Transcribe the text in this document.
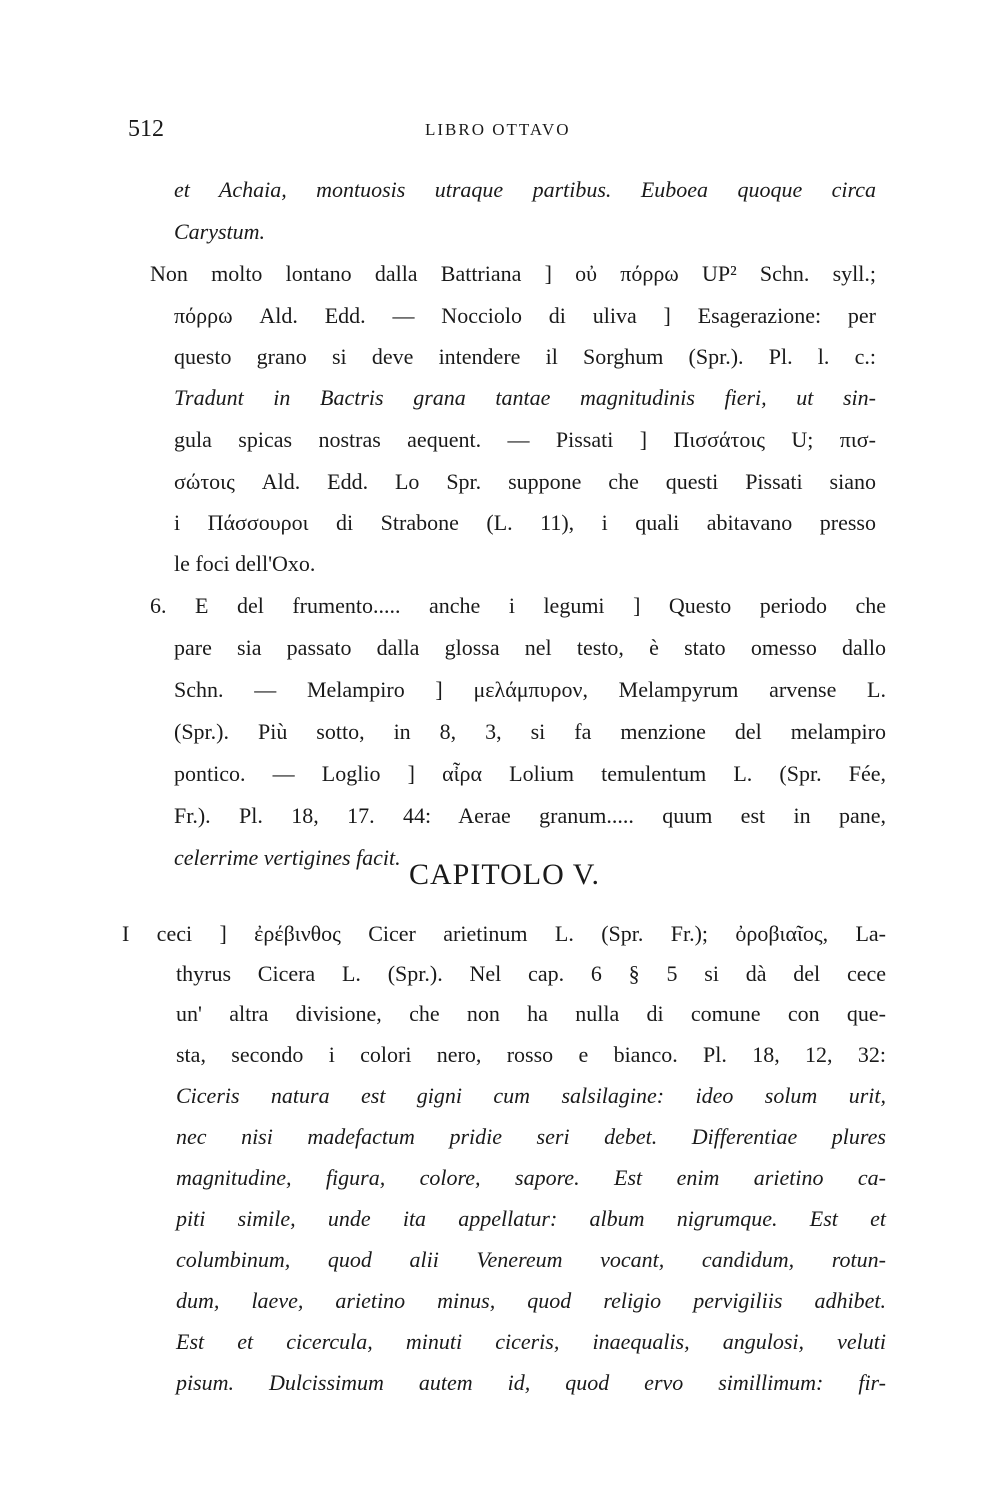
512	LIBRO OTTAVO
et Achaia, montuosis utraque partibus. Euboea quoque circa
Carystum.
Non molto lontano dalla Battriana ] οὐ πόρρω UP² Schn. syll.;
πόρρω Ald. Edd. — Nocciolo di uliva ] Esagerazione: per
questo grano si deve intendere il Sorghum (Spr.). Pl. l. c.:
Tradunt in Bactris grana tantae magnitudinis fieri, ut sin-
gula spicas nostras aequent. — Pissati ] Πισσάτοις U; πισ-
σώτοις Ald. Edd. Lo Spr. suppone che questi Pissati siano
i Πάσσουροι di Strabone (L. 11), i quali abitavano presso
le foci dell'Oxo.
6. E del frumento..... anche i legumi ] Questo periodo che
pare sia passato dalla glossa nel testo, è stato omesso dallo
Schn. — Melampiro ] μελάμπυρον, Melampyrum arvense L.
(Spr.). Più sotto, in 8, 3, si fa menzione del melampiro
pontico. — Loglio ] αἶρα Lolium temulentum L. (Spr. Fée,
Fr.). Pl. 18, 17. 44: Aerae granum..... quum est in pane,
celerrime vertigines facit.
CAPITOLO V.
I ceci ] ἐρέβινθος Cicer arietinum L. (Spr. Fr.); ὀροβιαῖος, La-
thyrus Cicera L. (Spr.). Nel cap. 6 § 5 si dà del cece
un' altra divisione, che non ha nulla di comune con que-
sta, secondo i colori nero, rosso e bianco. Pl. 18, 12, 32:
Ciceris natura est gigni cum salsilagine: ideo solum urit,
nec nisi madefactum pridie seri debet. Differentiae plures
magnitudine, figura, colore, sapore. Est enim arietino ca-
piti simile, unde ita appellatur: album nigrumque. Est et
columbinum, quod alii Venereum vocant, candidum, rotun-
dum, laeve, arietino minus, quod religio pervigiliis adhibet.
Est et cicercula, minuti ciceris, inaequalis, angulosi, veluti
pisum. Dulcissimum autem id, quod ervo simillimum: fir-
